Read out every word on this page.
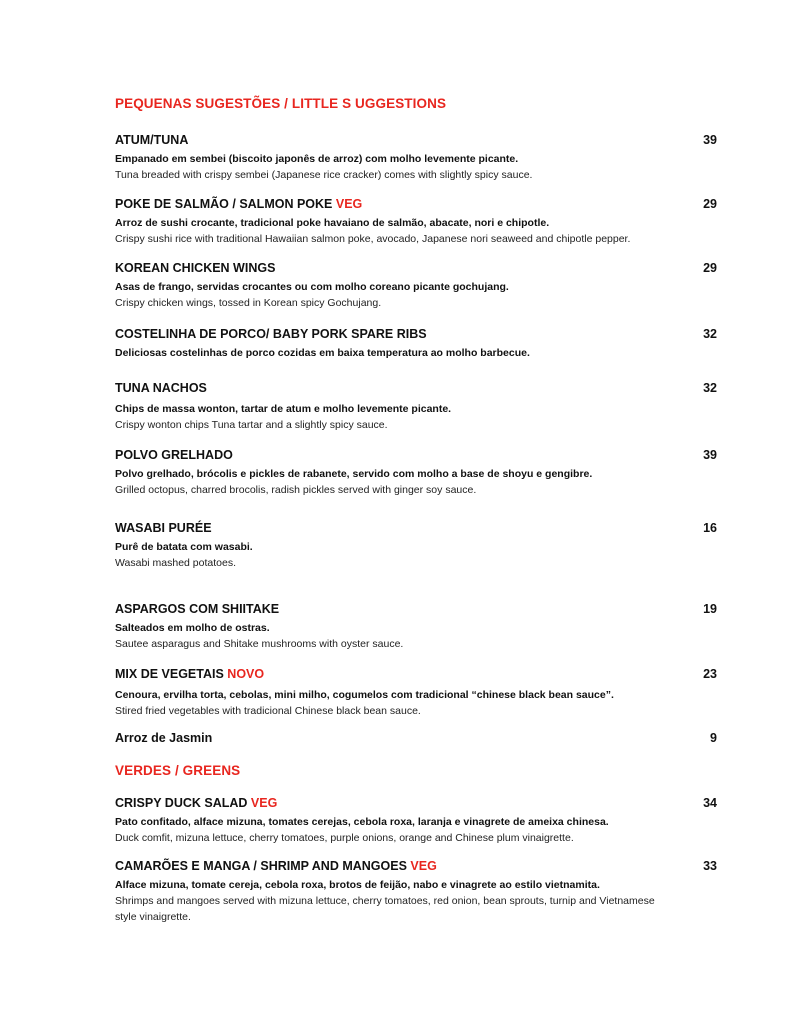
PEQUENAS SUGESTÕES / LITTLE S UGGESTIONS
ATUM/TUNA	39
Empanado em sembei (biscoito japonês de arroz) com molho levemente picante.
Tuna breaded with crispy sembei (Japanese rice cracker) comes with slightly spicy sauce.
POKE DE SALMÃO / SALMON POKE VEG	29
Arroz de sushi crocante, tradicional poke havaiano de salmão, abacate, nori e chipotle.
Crispy sushi rice with traditional Hawaiian salmon poke, avocado, Japanese nori seaweed and chipotle pepper.
KOREAN CHICKEN WINGS	29
Asas de frango, servidas crocantes ou com molho coreano picante gochujang.
Crispy chicken wings, tossed in Korean spicy Gochujang.
COSTELINHA DE PORCO/ BABY PORK SPARE RIBS	32
Deliciosas costelinhas de porco cozidas em baixa temperatura ao molho barbecue.
TUNA NACHOS	32
Chips de massa wonton, tartar de atum e molho levemente picante.
Crispy wonton chips Tuna tartar and a slightly spicy sauce.
POLVO GRELHADO	39
Polvo grelhado, brócolis e pickles de rabanete, servido com molho a base de shoyu e gengibre.
Grilled octopus, charred brocolis, radish pickles served with ginger soy sauce.
WASABI PURÉE	16
Purê de batata com wasabi.
Wasabi mashed potatoes.
ASPARGOS COM SHIITAKE	19
Salteados em molho de ostras.
Sautee asparagus and Shitake mushrooms with oyster sauce.
MIX DE VEGETAIS NOVO	23
Cenoura, ervilha torta, cebolas, mini milho, cogumelos com tradicional “chinese black bean sauce”.
Stired fried vegetables with tradicional Chinese black bean sauce.
Arroz de Jasmin	9
VERDES / GREENS
CRISPY DUCK SALAD VEG	34
Pato confitado, alface mizuna, tomates cerejas, cebola roxa, laranja e vinagrete de ameixa chinesa.
Duck comfit, mizuna lettuce, cherry tomatoes, purple onions, orange and Chinese plum vinaigrette.
CAMARÕES E MANGA / SHRIMP AND MANGOES VEG	33
Alface mizuna, tomate cereja, cebola roxa, brotos de feijão, nabo e vinagrete ao estilo vietnamita.
Shrimps and mangoes served with mizuna lettuce, cherry tomatoes, red onion, bean sprouts, turnip and Vietnamese style vinaigrette.
